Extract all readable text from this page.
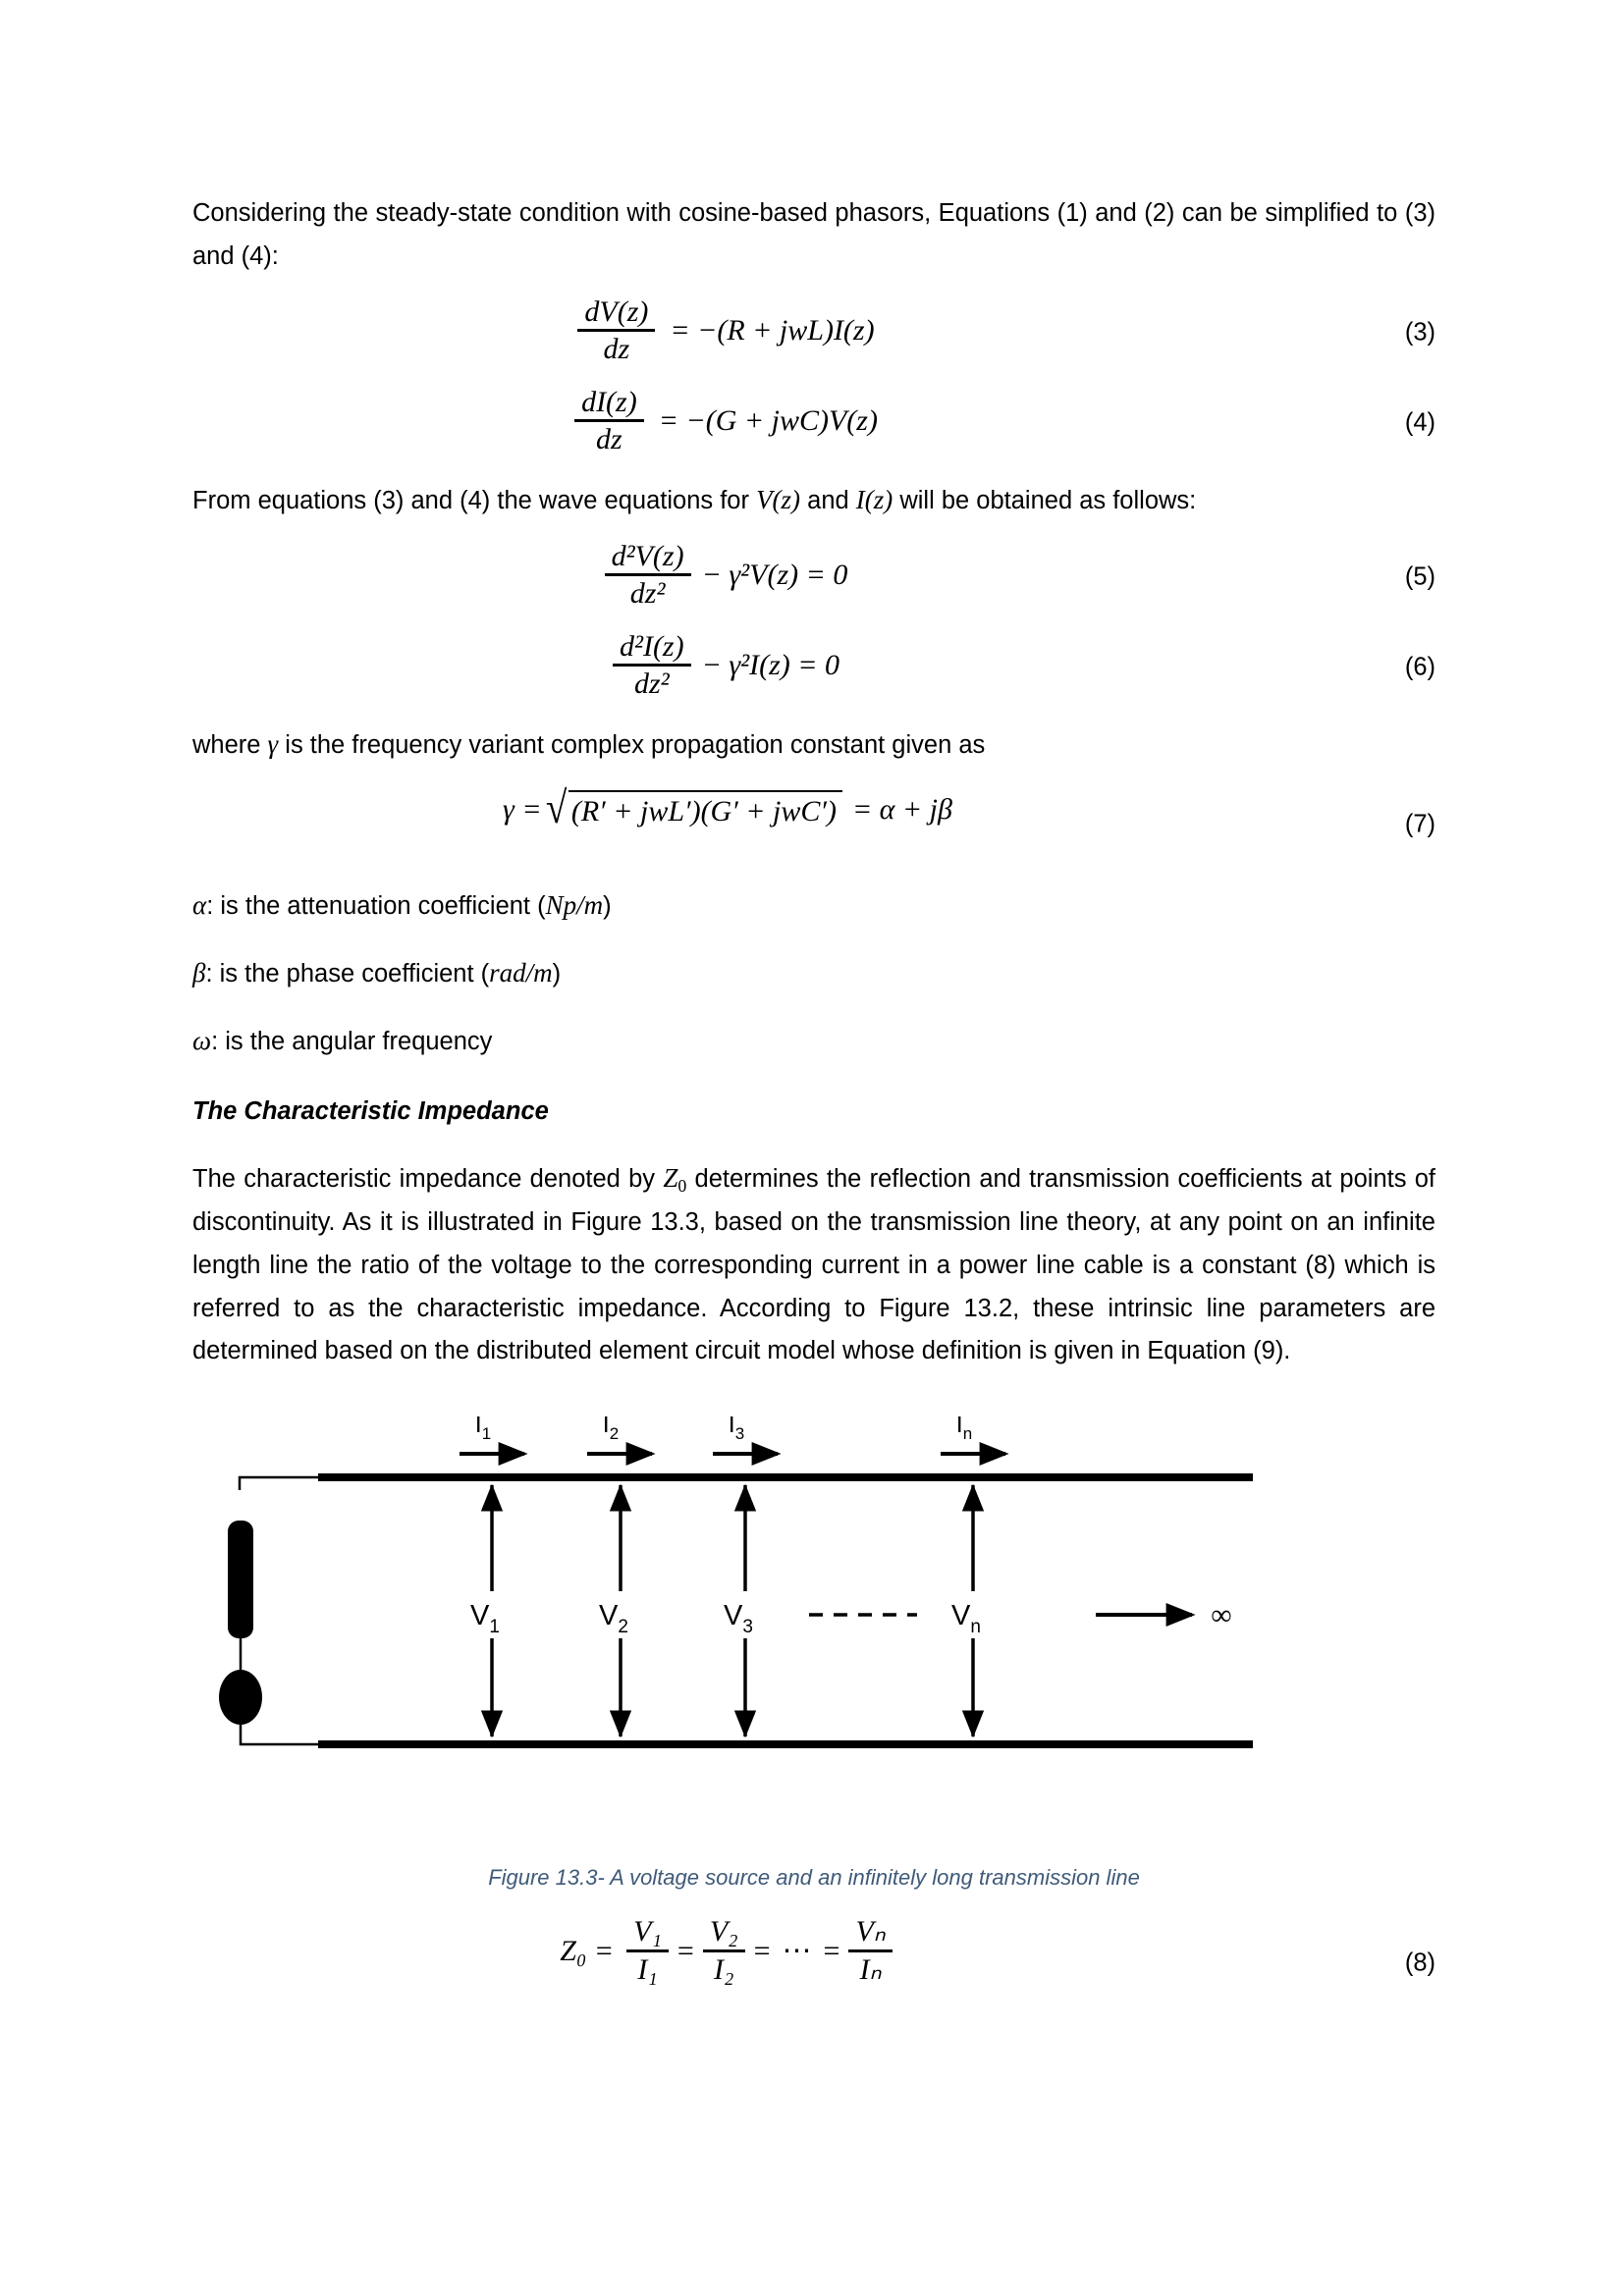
Considering the steady-state condition with cosine-based phasors, Equations (1) and (2) can be simplified to (3) and (4):

$\frac{dV(z)}{dz} = -(R + jwL)I(z)$	(3)
$\frac{dI(z)}{dz} = -(G + jwC)V(z)$	(4)

From equations (3) and (4) the wave equations for V(z) and I(z) will be obtained as follows:

$\frac{\text{d²V(z)}}{\text{dz²}} - \gamma^2V(z) = 0$	(5)
$\frac{\text{d²I(z)}}{\text{dz²}} - \gamma^2I(z) = 0$	(6)

where γ is the frequency variant complex propagation constant given as

γ = √ (R′ + jwL′)(G′ + jwC′) = α + jβ	(7)
α: is the attenuation coefficient (Np/m)
β: is the phase coefficient (rad/m)
ω: is the angular frequency
The Characteristic Impedance

The characteristic impedance denoted by $Z_0$ determines the reflection and transmission coefficients at points of discontinuity. As it is illustrated in Figure 13.3, based on the transmission line theory, at any point on an infinite length line the ratio of the voltage to the corresponding current in a power line cable is a constant (8) which is referred to as the characteristic impedance. According to Figure 13.2, these intrinsic line parameters are determined based on the distributed element circuit model whose definition is given in Equation (9).

$I_1$	$I_2$	$I_3$	$I_n$
$V_1$	$V_2$	$V_3$	$V_n$	∞
Figure 13.3- A voltage source and an infinitely long transmission line
$Z_0 = \frac{\text{V₁}}{\text{I₁}} = \frac{\text{V₂}}{\text{I₂}}$ = ⋯ = $\frac{\text{Vₙ}}{\text{Iₙ}}$	(8)
